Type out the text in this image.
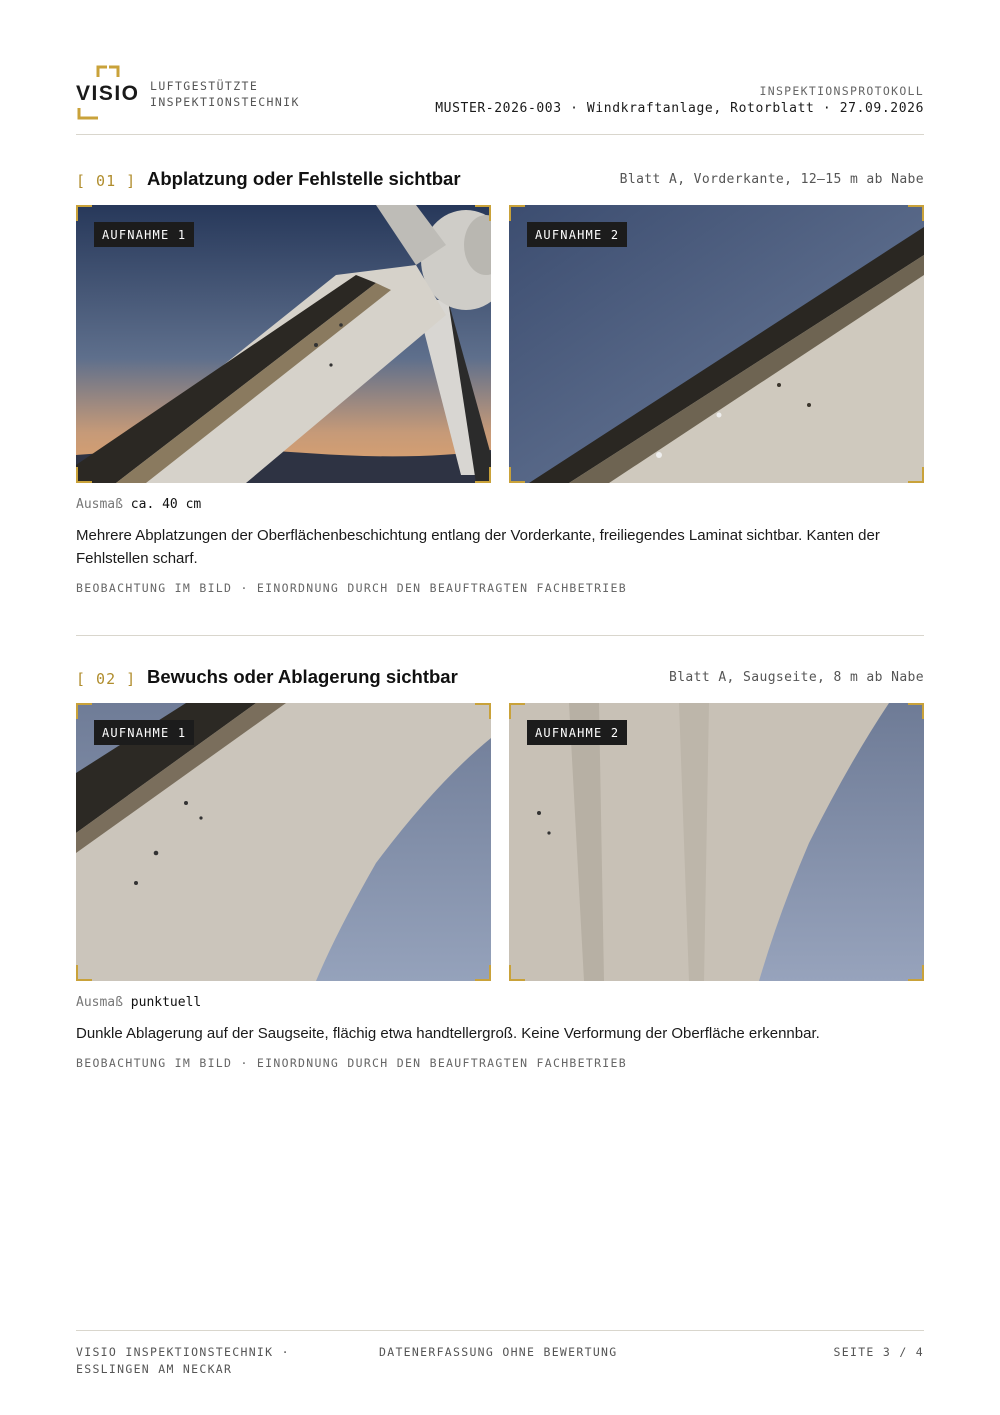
VISIO LUFTGESTÜTZTE
INSPEKTIONSTECHNIK
INSPEKTIONSPROTOKOLL
MUSTER-2026-003 · Windkraftanlage, Rotorblatt · 27.09.2026
[ 01 ] Abplatzung oder Fehlstelle sichtbar	Blatt A, Vorderkante, 12–15 m ab Nabe
AUFNAHME 1	AUFNAHME 2
Ausmaß ca. 40 cm
Mehrere Abplatzungen der Oberflächenbeschichtung entlang der Vorderkante, freiliegendes Laminat sichtbar. Kanten der Fehlstellen scharf.
BEOBACHTUNG IM BILD · EINORDNUNG DURCH DEN BEAUFTRAGTEN FACHBETRIEB
[ 02 ] Bewuchs oder Ablagerung sichtbar	Blatt A, Saugseite, 8 m ab Nabe
AUFNAHME 1	AUFNAHME 2
Ausmaß punktuell
Dunkle Ablagerung auf der Saugseite, flächig etwa handtellergroß. Keine Verformung der Oberfläche erkennbar.
BEOBACHTUNG IM BILD · EINORDNUNG DURCH DEN BEAUFTRAGTEN FACHBETRIEB
VISIO INSPEKTIONSTECHNIK ·
ESSLINGEN AM NECKAR
DATENERFASSUNG OHNE BEWERTUNG	SEITE 3 / 4
